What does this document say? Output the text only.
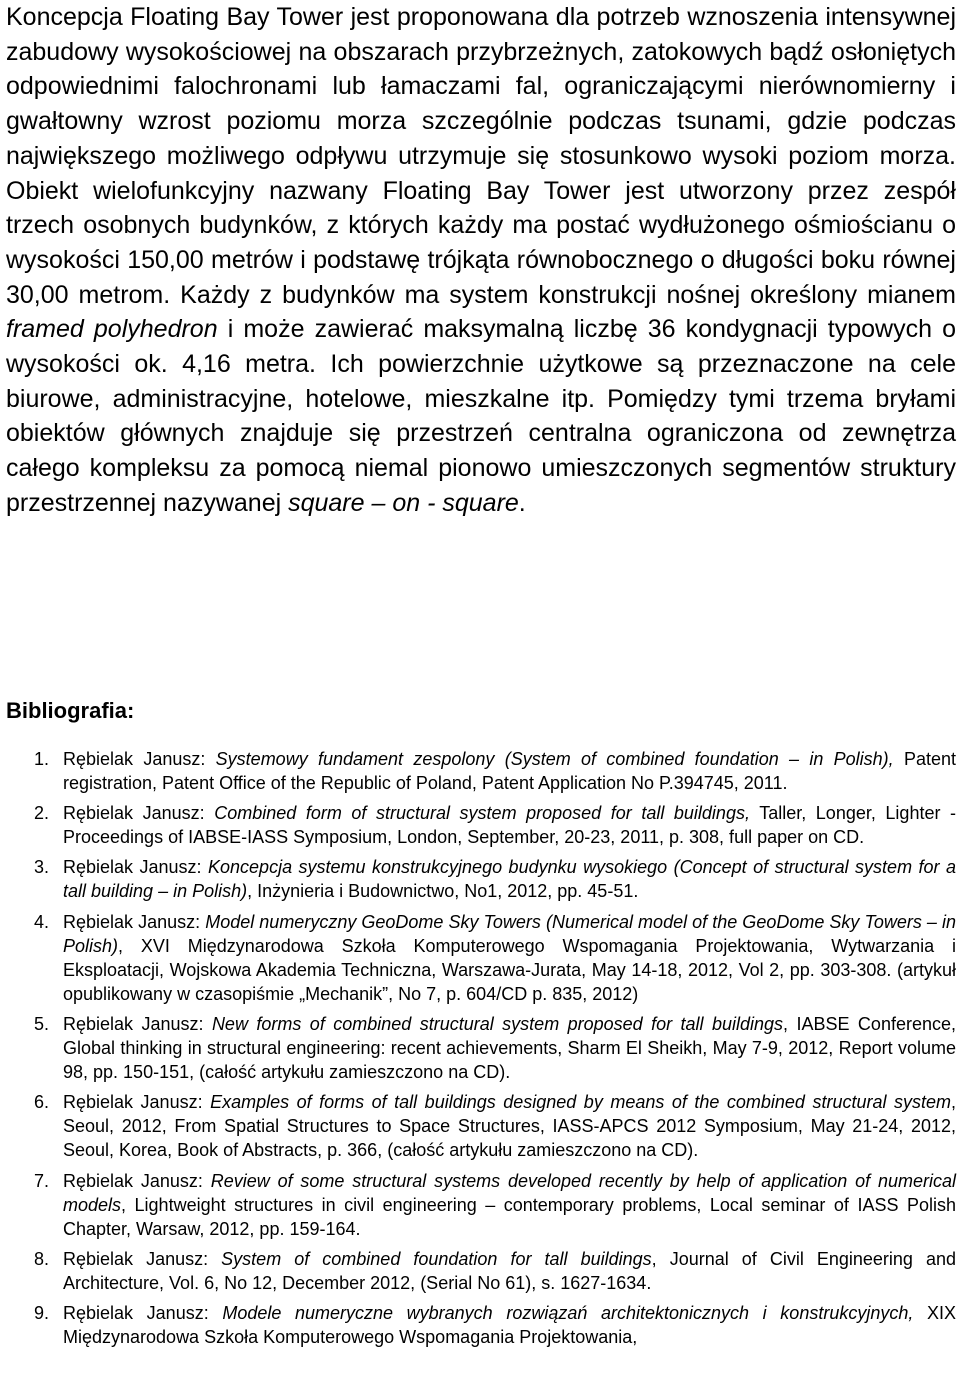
Koncepcja Floating Bay Tower jest proponowana dla potrzeb wznoszenia intensywnej zabudowy wysokościowej na obszarach przybrzeżnych, zatokowych bądź osłoniętych odpowiednimi falochronami lub łamaczami fal, ograniczającymi nierównomierny i gwałtowny wzrost poziomu morza szczególnie podczas tsunami, gdzie podczas największego możliwego odpływu utrzymuje się stosunkowo wysoki poziom morza. Obiekt wielofunkcyjny nazwany Floating Bay Tower jest utworzony przez zespół trzech osobnych budynków, z których każdy ma postać wydłużonego ośmiościanu o wysokości 150,00 metrów i podstawę trójkąta równobocznego o długości boku równej 30,00 metrom. Każdy z budynków ma system konstrukcji nośnej określony mianem framed polyhedron i może zawierać maksymalną liczbę 36 kondygnacji typowych o wysokości ok. 4,16 metra. Ich powierzchnie użytkowe są przeznaczone na cele biurowe, administracyjne, hotelowe, mieszkalne itp. Pomiędzy tymi trzema bryłami obiektów głównych znajduje się przestrzeń centralna ograniczona od zewnętrza całego kompleksu za pomocą niemal pionowo umieszczonych segmentów struktury przestrzennej nazywanej square – on - square.

Bibliografia:
1. Rębielak Janusz: Systemowy fundament zespolony (System of combined foundation – in Polish), Patent registration, Patent Office of the Republic of Poland, Patent Application No P.394745, 2011.
2. Rębielak Janusz: Combined form of structural system proposed for tall buildings, Taller, Longer, Lighter - Proceedings of IABSE-IASS Symposium, London, September, 20-23, 2011, p. 308, full paper on CD.
3. Rębielak Janusz: Koncepcja systemu konstrukcyjnego budynku wysokiego (Concept of structural system for a tall building – in Polish), Inżynieria i Budownictwo, No1, 2012, pp. 45-51.
4. Rębielak Janusz: Model numeryczny GeoDome Sky Towers (Numerical model of the GeoDome Sky Towers – in Polish), XVI Międzynarodowa Szkoła Komputerowego Wspomagania Projektowania, Wytwarzania i Eksploatacji, Wojskowa Akademia Techniczna, Warszawa-Jurata, May 14-18, 2012, Vol 2, pp. 303-308. (artykuł opublikowany w czasopiśmie „Mechanik”, No 7, p. 604/CD p. 835, 2012)
5. Rębielak Janusz: New forms of combined structural system proposed for tall buildings, IABSE Conference, Global thinking in structural engineering: recent achievements, Sharm El Sheikh, May 7-9, 2012, Report volume 98, pp. 150-151, (całość artykułu zamieszczono na CD).
6. Rębielak Janusz: Examples of forms of tall buildings designed by means of the combined structural system, Seoul, 2012, From Spatial Structures to Space Structures, IASS-APCS 2012 Symposium, May 21-24, 2012, Seoul, Korea, Book of Abstracts, p. 366, (całość artykułu zamieszczono na CD).
7. Rębielak Janusz: Review of some structural systems developed recently by help of application of numerical models, Lightweight structures in civil engineering – contemporary problems, Local seminar of IASS Polish Chapter, Warsaw, 2012, pp. 159-164.
8. Rębielak Janusz: System of combined foundation for tall buildings, Journal of Civil Engineering and Architecture, Vol. 6, No 12, December 2012, (Serial No 61), s. 1627-1634.
9. Rębielak Janusz: Modele numeryczne wybranych rozwiązań architektonicznych i konstrukcyjnych, XIX Międzynarodowa Szkoła Komputerowego Wspomagania Projektowania,
